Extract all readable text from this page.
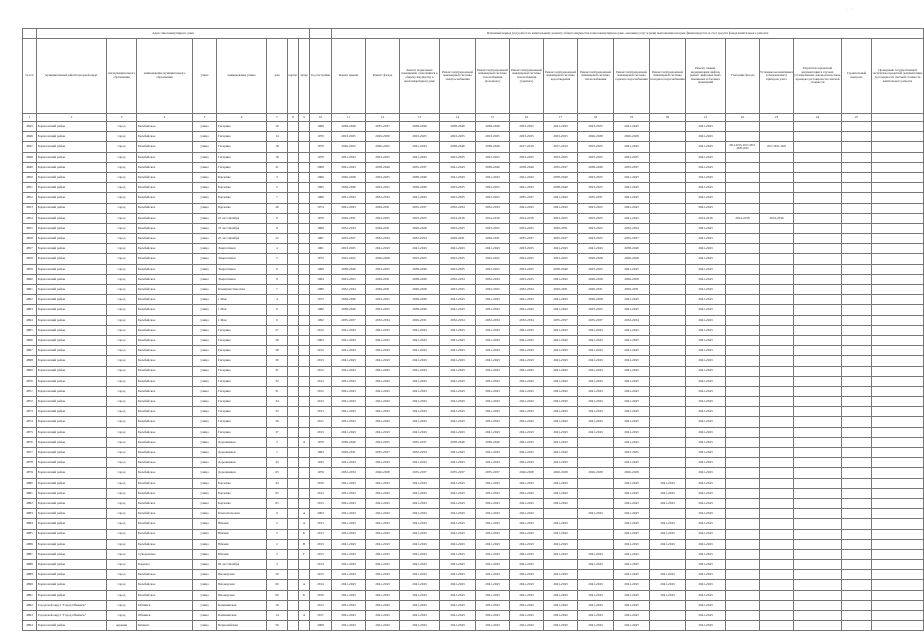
· · ·
	Адрес многоквартирного дома									Плановый период (год) работ по капитальному ремонту общего имущества в многоквартирном доме, оказания услуг и (или) выполнения которых финансируется за счет средств фонда капитального ремонта															
№ п/п	муниципальный район/городской округ	тип муниципального образования	наименование муниципального образования	улица	наименование улицы	дом	корпус	литер	Год постройки	Ремонт крыши	Ремонт фасада	Ремонт подвальных помещений, относящихся к общему имуществу в многоквартирном доме	Ремонт внутридомовой инженерной системы электроснабжения	Ремонт внутридомовой инженерной системы газоснабжения (холодного)	Ремонт внутридомовой инженерной системы газоснабжения (горячего)	Ремонт внутридомовой инженерной системы водоотведения	Ремонт внутридомовой инженерной системы теплоснабжения	Ремонт внутридомовой инженерной системы горячего водоснабжения	Ремонт внутридомовой инженерной системы холодного водоснабжения	Ремонт, замена, модернизация лифтов, ремонт лифтовых шахт, машинных и блочных помещений	Утепление фасада	Установка коллективных (общедомовых) приборов учета	Разработка проектной документации в случаях, установленных законодательством, проверка достоверности сметной стоимости	Строительный контроль	Проведение государственной экспертизы проектной документации, достоверности сметной стоимости капитального ремонта
1	2	3	4	5	6	7	8	9	10	11	12	13	14	15	16	17	18	19	20	21	22	23	24	25	
4845	Борисовский район	город	Белебейское	улица	Гагарина	16			1969	2038-2040	2035-2037	2038-2040	2038-2040	2038-2040	2023-2025	2041-2043	2023-2025	2041-2043		2041-2043					
4846	Борисовский район	город	Белебейское	улица	Гагарина	14			1970	2023-2025	2029-2030	2023-2025	2023-2025	2023-2025	2023-2025	2023-2025	2026-2028	2026-2028		2041-2043					
4847	Борисовский район	город	Белебейское	улица	Гагарина	18			1970	2020-2022	2020-2022	2041-2043	2038-2040	2038-2040	2017-2019	2017-2019	2023-2025	2041-2043		2041-2043	2014-2016, 2017-2019, 2020-2022	2017-2019, 2022			
4848	Борисовский район	город	Белебейское	улица	Гагарина	18			1970	2041-2043	2023-2025	2041-2043	2023-2025	2023-2025	2023-2025	2023-2025	2023-2025	2023-2025		2041-2043					
4849	Борисовский район	город	Белебейское	улица	Гагарина	21			2008	2041-2043	2038-2040	2035-2037	2041-2043	2038-2040	2038-2040	2035-2037	2038-2040	2035-2037		2041-2043					
4850	Борисовский район	город	Белебейское	улица	Борзенко	3			1966	2026-2028	2023-2025	2038-2040	2041-2043	2041-2043	2041-2043	2038-2040	2023-2025	2041-2043		2041-2043					
4851	Борисовский район	город	Белебейское	улица	Борзенко	5			1965	2038-2040	2023-2025	2038-2040	2023-2025	2023-2025	2041-2043	2038-2040	2023-2025	2041-2043		2041-2043					
4852	Борисовский район	город	Белебейское	улица	Борзенко	7			1996	2041-2043	2032-2034	2041-2043	2023-2025	2023-2025	2035-2037	2041-2043	2035-2037	2041-2043		2041-2043					
4853	Борисовский район	город	Белебейское	улица	Борзенко	26			1974	2041-2043	2029-2031	2035-2037	2032-2034	2032-2034	2041-2043	2041-2043	2023-2025	2041-2043		2041-2043					
4854	Борисовский район	город	Белебейское	улица	25 лет Октября	6			1970	2029-2031	2023-2025	2023-2025	2014-2016	2014-2016	2014-2016	2023-2025	2023-2025	2041-2043		2014-2016	2014-2016	2014-2016			
4855	Борисовский район	город	Белебейское	улица	25 лет Октября	8			1969	2032-2034	2029-2031	2026-2028	2023-2025	2023-2025	2023-2025	2029-2031	2023-2025	2032-2034		2041-2043					
4856	Борисовский район	город	Белебейское	улица	25 лет Октября	22			1997	2035-2037	2032-2034	2032-2034	2029-2031	2029-2031	2035-2037	2035-2037	2023-2025	2035-2037		2041-2043					
4857	Борисовский район	город	Белебейское	улица	Энергетиков	4			1961	2023-2025	2041-2043	2041-2043	2041-2043	2041-2043	2023-2025	2041-2043	2041-2043	2038-2040		2041-2043					
4858	Борисовский район	город	Белебейское	улица	Энергетиков	5			1972	2023-2025	2026-2028	2023-2025	2023-2025	2023-2025	2023-2025	2023-2025	2026-2028	2026-2028		2041-2043					
4859	Борисовский район	город	Белебейское	улица	Энергетиков	6			1969	2038-2040	2023-2025	2038-2040	2023-2025	2023-2025	2023-2025	2038-2040	2023-2025	2041-2043		2041-2043					
4860	Борисовский район	город	Белебейское	улица	Энергетиков	8			1964	2023-2025	2029-2031	2038-2040	2032-2034	2032-2034	2023-2025	2041-2043	2026-2028	2026-2028		2041-2043					
4861	Борисовский район	город	Белебейское	улица	Коммунистическая	7			1980	2032-2034	2029-2031	2026-2028	2023-2025	2023-2025	2032-2034	2029-2031	2029-2031	2029-2031		2041-2043					
4862	Борисовский район	город	Белебейское	улица	1 Мая	4			1972	2038-2040	2023-2025	2038-2040	2041-2043	2041-2043	2041-2043	2041-2043	2026-2028	2041-2043		2041-2043					
4863	Борисовский район	город	Белебейское	улица	1 Мая	6			1980	2038-2040	2023-2025	2038-2040	2041-2043	2041-2043	2041-2043	2041-2043	2023-2025	2041-2043		2041-2043					
4864	Борисовский район	город	Белебейское	улица	1 Мая	9			1992	2035-2037	2032-2034	2029-2031	2032-2034	2032-2034	2032-2034	2035-2037	2035-2037	2032-2034		2041-2043					
4865	Борисовский район	город	Белебейское	улица	Гагарина	27			2012	2041-2043	2041-2043	2041-2043	2041-2043	2041-2043	2041-2043	2041-2043	2041-2043	2041-2043		2041-2043					
4866	Борисовский район	город	Белебейское	улица	Гагарина	28			2003	2041-2043	2041-2043	2041-2043	2041-2043	2041-2043	2041-2043	2041-2043	2041-2043	2041-2043		2041-2043					
4867	Борисовский район	город	Белебейское	улица	Гагарина	28			2012	2041-2043	2041-2043	2041-2043	2041-2043	2041-2043	2041-2043	2041-2043	2041-2043	2041-2043		2041-2043					
4868	Борисовский район	город	Белебейское	улица	Гагарина	30			2013	2041-2043	2041-2043	2041-2043	2041-2043	2041-2043	2041-2043	2041-2043	2041-2043	2041-2043		2041-2043					
4869	Борисовский район	город	Белебейское	улица	Гагарина	31			2012	2041-2043	2041-2043	2041-2043	2041-2043	2041-2043	2041-2043	2041-2043	2041-2043	2041-2043		2041-2043					
4870	Борисовский район	город	Белебейское	улица	Гагарина	32			2013	2041-2043	2041-2043	2041-2043	2041-2043	2041-2043	2041-2043	2041-2043	2041-2043	2041-2043		2041-2043					
4871	Борисовский район	город	Белебейское	улица	Гагарина	31			2012	2041-2043	2041-2043	2041-2043	2041-2043	2041-2043	2041-2043	2041-2043	2041-2043	2041-2043		2041-2043					
4872	Борисовский район	город	Белебейское	улица	Гагарина	34			2013	2041-2043	2041-2043	2041-2043	2041-2043	2041-2043	2041-2043	2041-2043	2041-2043	2041-2043		2041-2043					
4873	Борисовский район	город	Белебейское	улица	Гагарина	32			2013	2041-2043	2041-2043	2041-2043	2041-2043	2041-2043	2041-2043	2041-2043	2041-2043	2041-2043		2041-2043					
4874	Борисовский район	город	Белебейское	улица	Гагарина	36			2011	2041-2043	2041-2043	2041-2043	2041-2043	2041-2043	2041-2043	2041-2043	2041-2043	2041-2043		2041-2043					
4875	Борисовский район	город	Белебейское	улица	Гагарина	37			2013	2041-2043	2041-2043	2041-2043	2041-2043	2041-2043	2041-2043	2041-2043	2041-2043	2041-2043		2041-2043					
4876	Борисовский район	город	Белебейское	улица	Дорожников	2		А	1970	2038-2040	2023-2025	2035-2037	2038-2040	2038-2040	2041-2043	2041-2043		2041-2043		2041-2043					
4877	Борисовский район	город	Белебейское	улица	Дорожников	1			1963	2029-2031	2035-2037	2032-2034	2041-2043	2041-2043	2041-2043	2041-2043		2023-2025		2041-2043					
4878	Борисовский район	город	Белебейское	улица	Дорожников	45			1935	2041-2043	2041-2043	2041-2043	2041-2043	2041-2043	2041-2043	2041-2043		2041-2043		2041-2043					
4879	Борисовский район	город	Белебейское	улица	Дорожников	63			1976	2032-2034	2026-2028	2035-2037	2035-2037	2035-2037	2026-2028	2026-2028	2026-2028	2026-2028		2041-2043					
4880	Борисовский район	город	Белебейское	улица	Борзенко	43			2016	2041-2043	2041-2043	2041-2043	2041-2043	2041-2043	2041-2043	2041-2043		2041-2043	2041-2043	2041-2043					
4881	Борисовский район	город	Белебейское	улица	Борзенко	65			2013	2041-2043	2041-2043	2041-2043	2041-2043	2041-2043	2041-2043	2041-2043		2041-2043	2041-2043	2041-2043					
4882	Борисовский район	город	Белебейское	улица	Борзенко	65			2015	2041-2043	2041-2043	2041-2043	2041-2043	2041-2043	2041-2043	2041-2043		2041-2043	2041-2043	2041-2043					
4883	Борисовский район	город	Белебейское	улица	Комсомольская	9		А	2003	2041-2043	2041-2043	2041-2043	2041-2043	2041-2043	2041-2043		2041-2043	2041-2043		2041-2043					
4884	Борисовский район	город	Белебейское	улица	Южная	2		А	2013	2041-2043	2041-2043	2041-2043	2041-2043	2041-2043	2041-2043	2041-2043		2041-2043	2041-2043	2041-2043					
4885	Борисовский район	город	Белебейское	улица	Южная	2		Б	2013	2041-2043	2041-2043	2041-2043	2041-2043	2041-2043	2041-2043	2041-2043		2041-2043	2041-2043	2041-2043					
4886	Борисовский район	город	Белебейское	улица	Южная	2		В	2013	2041-2043	2041-2043	2041-2043	2041-2043	2041-2043	2041-2043	2041-2043		2041-2043	2041-2043	2041-2043					
4887	Борисовский район	город	Суворовское	улица	Южная	2		Г	2015	2041-2043	2041-2043	2041-2043	2041-2043	2041-2043	2041-2043	2041-2043	2041-2043	2041-2043		2041-2043					
4888	Борисовский район	город	Бориско	улица	60 лет Октября	3			2014	2041-2043	2041-2043	2041-2043	2041-2043	2041-2043	2041-2043		2041-2043	2041-2043		2041-2043					
4889	Борисовский район	город	Белебейское	улица	Пионерская	50			2015	2041-2043	2041-2043	2041-2043	2041-2043	2041-2043	2041-2043	2041-2043		2041-2043	2041-2043	2041-2043					
4890	Борисовский район	город	Белебейское	улица	Пионерская	60		А	2014	2041-2043	2041-2043	2041-2043	2041-2043	2041-2043	2041-2043	2041-2043	2041-2043	2041-2043	2041-2043	2041-2043					
4891	Борисовский район	город	Белебейское	улица	Пионерская	60		Б	2016	2041-2043	2041-2043	2041-2043	2041-2043	2041-2043	2041-2043	2041-2043	2041-2043	2041-2043	2041-2043	2041-2043					
4892	Городской округ "Город Обнинск"	город	Обнинск	улица	Калининская	16			2012	2041-2043	2041-2043	2041-2043	2041-2043	2041-2043	2041-2043	2041-2043	2041-2043	2041-2043		2041-2043					
4893	Городской округ "Город Обнинск"	город	Обнинск	улица	Калининская	14		А	2017	2041-2043	2041-2043	2041-2043	2041-2043	2041-2043	2041-2043	2041-2043	2041-2043	2041-2043		2041-2043					
4894	Борисовский район	деревня	Бизвено	улица	Первомайская	56			2008	2041-2043	2041-2043	2041-2043	2041-2043	2041-2043	2041-2043	2041-2043	2041-2043	2041-2043		2041-2043					
